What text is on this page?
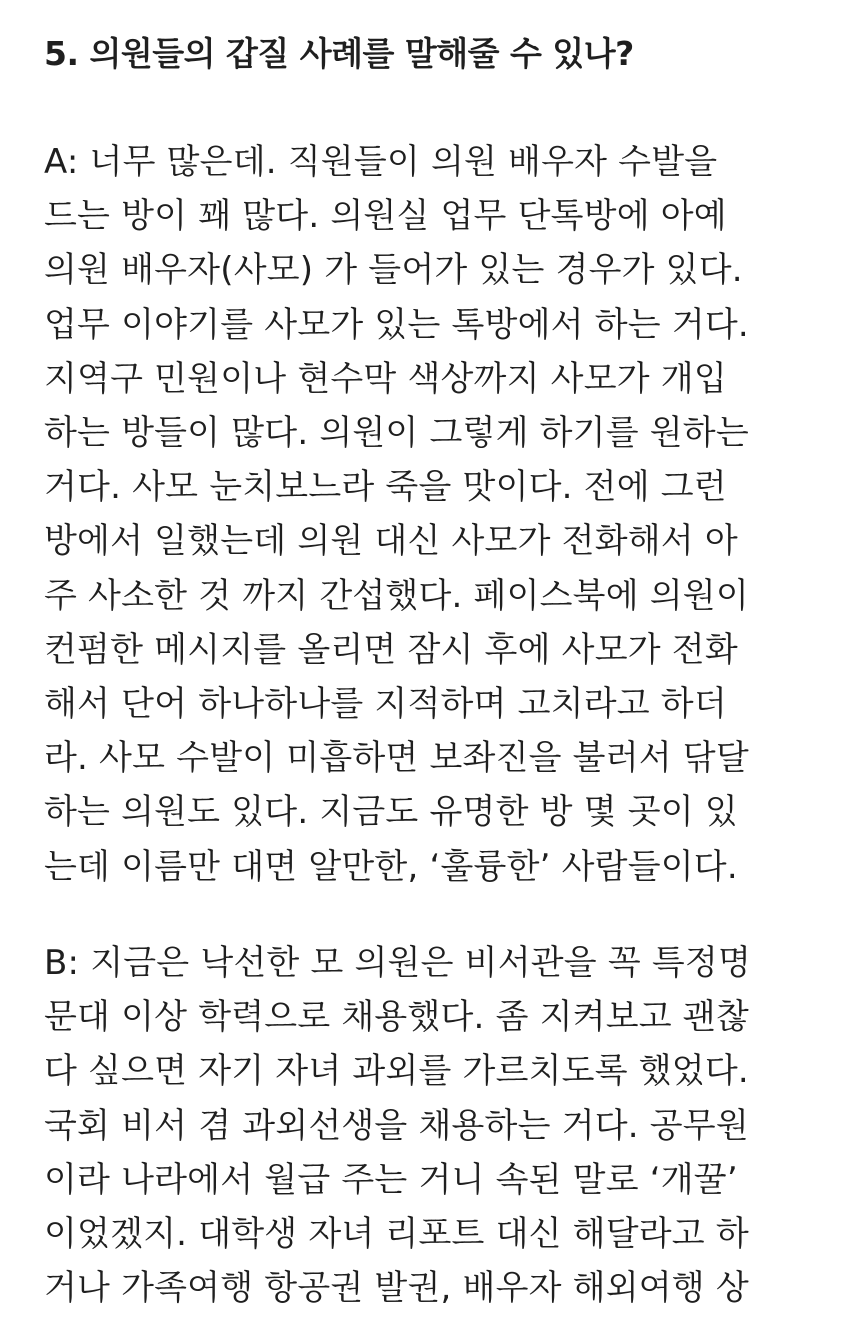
5. 의원들의 갑질 사례를 말해줄 수 있나?

A: 너무 많은데. 직원들이 의원 배우자 수발을
드는 방이 꽤 많다. 의원실 업무 단톡방에 아예
의원 배우자(사모) 가 들어가 있는 경우가 있다.
업무 이야기를 사모가 있는 톡방에서 하는 거다.
지역구 민원이나 현수막 색상까지 사모가 개입
하는 방들이 많다. 의원이 그렇게 하기를 원하는
거다. 사모 눈치보느라 죽을 맛이다. 전에 그런
방에서 일했는데 의원 대신 사모가 전화해서 아
주 사소한 것 까지 간섭했다. 페이스북에 의원이
컨펌한 메시지를 올리면 잠시 후에 사모가 전화
해서 단어 하나하나를 지적하며 고치라고 하더
라. 사모 수발이 미흡하면 보좌진을 불러서 닦달
하는 의원도 있다. 지금도 유명한 방 몇 곳이 있
는데 이름만 대면 알만한, ‘훌륭한’ 사람들이다.

B: 지금은 낙선한 모 의원은 비서관을 꼭 특정명
문대 이상 학력으로 채용했다. 좀 지켜보고 괜찮
다 싶으면 자기 자녀 과외를 가르치도록 했었다.
국회 비서 겸 과외선생을 채용하는 거다. 공무원
이라 나라에서 월급 주는 거니 속된 말로 ‘개꿀’
이었겠지. 대학생 자녀 리포트 대신 해달라고 하
거나 가족여행 항공권 발권, 배우자 해외여행 상
